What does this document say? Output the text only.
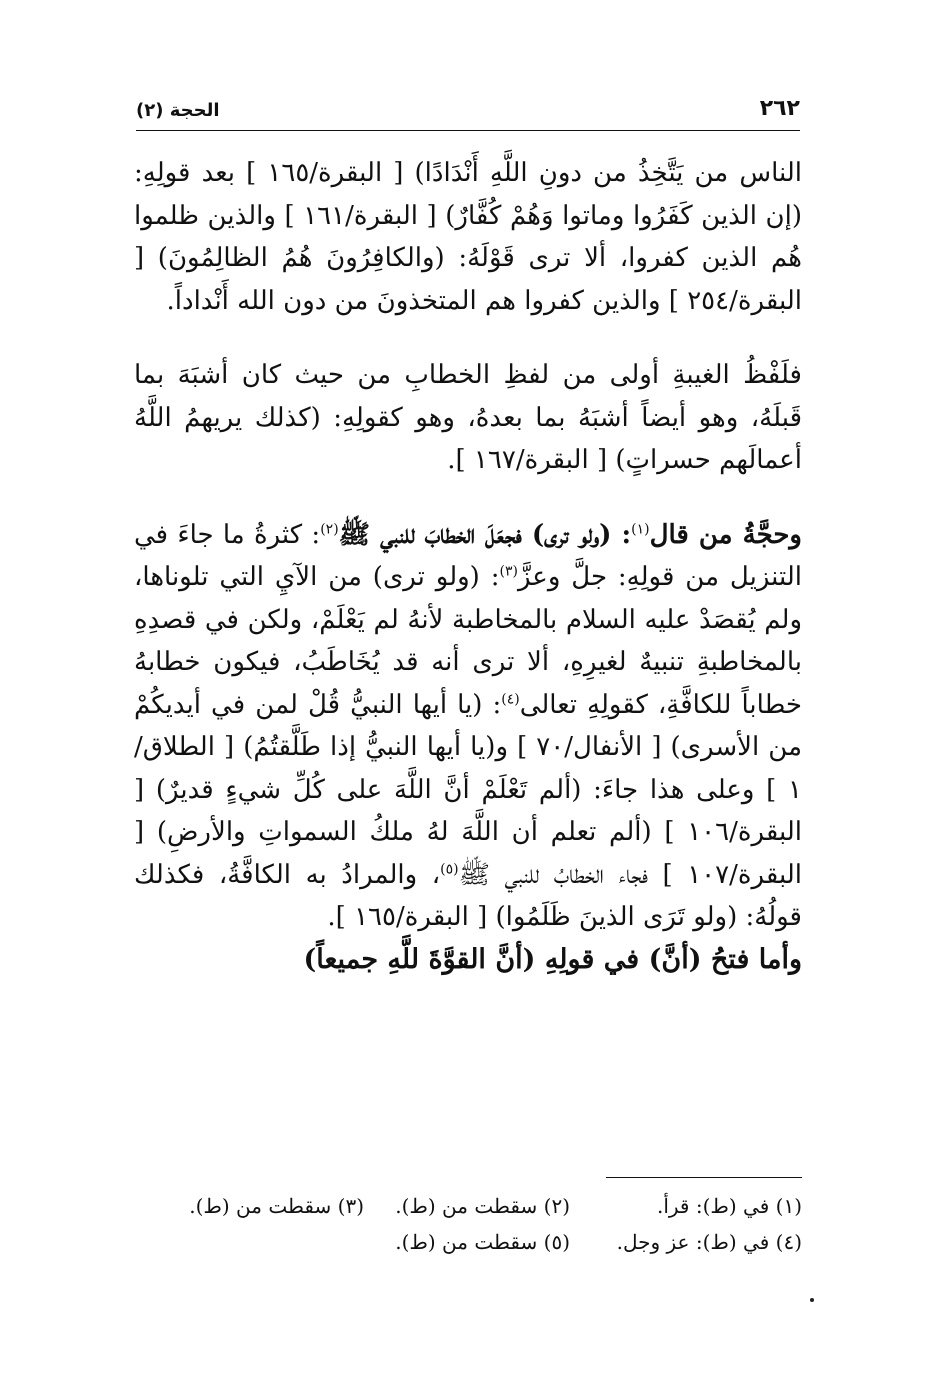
٢٦٢
الحجة (٢)

الناس من يَتَّخِذُ من دونِ اللَّهِ أَنْدَادًا) [ البقرة/١٦٥ ] بعد قولِهِ: (إن الذين كَفَرُوا وماتوا وَهُمْ كُفَّارٌ) [ البقرة/١٦١ ] والذين ظلموا هُم الذين كفروا، ألا ترى قَوْلَهُ: (والكافِرُونَ هُمُ الظالِمُونَ) [ البقرة/٢٥٤ ] والذين كفروا هم المتخذونَ من دون الله أَنْداداً.

فلَفْظُ الغيبةِ أولى من لفظِ الخطابِ من حيث كان أشبَهَ بما قَبلَهُ، وهو أيضاً أشبَهُ بما بعدهُ، وهو كقولِهِ: (كذلك يريهمُ اللَّهُ أعمالَهم حسراتٍ) [ البقرة/١٦٧ ].

وحجَّةُ من قال$^{(١)}$: (ولو ترى) فجعَلَ الخطابَ للنبي ﷺ$^{(٢)}$: كثرةُ ما جاءَ في التنزيل من قولِهِ: جلَّ وعزَّ$^{(٣)}$: (ولو ترى) من الآيِ التي تلوناها، ولم يُقصَدْ عليه السلام بالمخاطبة لأنهُ لم يَعْلَمْ، ولكن في قصدِهِ بالمخاطبةِ تنبيهٌ لغيرِهِ، ألا ترى أنه قد يُخَاطَبُ، فيكون خطابهُ خطاباً للكافَّةِ، كقولِهِ تعالى$^{(٤)}$: (يا أيها النبيُّ قُلْ لمن في أيديكُمْ من الأسرى) [ الأنفال/٧٠ ] و(يا أيها النبيُّ إذا طَلَّقتُمُ) [ الطلاق/١ ] وعلى هذا جاءَ: (ألم تَعْلَمْ أنَّ اللَّهَ على كُلِّ شيءٍ قديرٌ) [ البقرة/١٠٦ ] (ألم تعلم أن اللَّهَ لهُ ملكُ السمواتِ والأرضِ) [ البقرة/١٠٧ ] فجاء الخطابُ للنبي ﷺ$^{(٥)}$، والمرادُ به الكافَّةُ، فكذلك قولُهُ: (ولو تَرَى الذينَ ظَلَمُوا) [ البقرة/١٦٥ ].

وأما فتحُ (أنَّ) في قولِهِ (أنَّ القوَّةَ للَّهِ جميعاً)

(١) في (ط): قرأ.
(٢) سقطت من (ط).
(٣) سقطت من (ط).
(٤) في (ط): عز وجل.
(٥) سقطت من (ط).
